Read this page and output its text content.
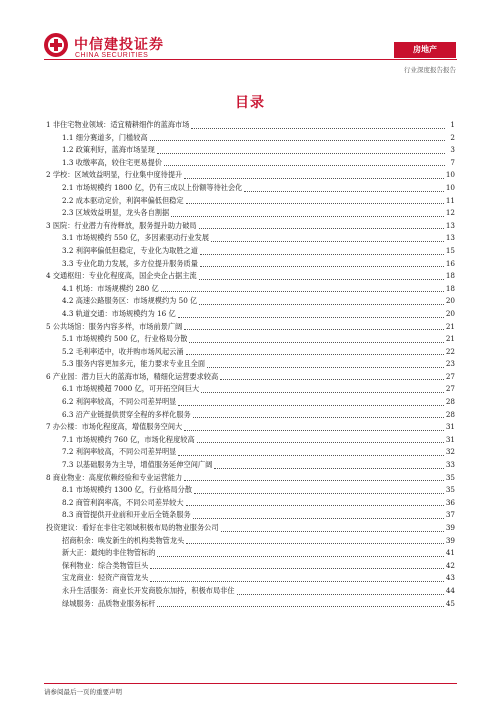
中信建投证券
CHINA SECURITIES
房地产
行业深度报告报告
目录
1 非住宅物业领域：适宜精耕细作的蓝海市场	1
1.1 细分赛道多，门槛较高	2
1.2 政策利好，蓝海市场显现	3
1.3 收缴率高，较住宅更易提价	7
2 学校：区域效益明显，行业集中度待提升	10
2.1 市场规模约 1800 亿，仍有三成以上份额等待社会化	10
2.2 成本驱动定价，利润率偏低但稳定	11
2.3 区域效益明显，龙头各自割据	12
3 医院：行业潜力有待释放，服务提升助力破局	13
3.1 市场规模约 550 亿，多因素驱动行业发展	13
3.2 利润率偏低但稳定，专业化为取胜之道	15
3.3 专业化助力发展，多方位提升服务质量	16
4 交通枢纽：专业化程度高，国企央企占据主流	18
4.1 机场：市场规模约 280 亿	18
4.2 高速公路服务区：市场规模约为 50 亿	20
4.3 轨道交通：市场规模约为 16 亿	20
5 公共场馆：服务内容多样，市场前景广阔	21
5.1 市场规模约 500 亿，行业格局分散	21
5.2 毛利率适中，收并购市场风起云涌	22
5.3 服务内容更加多元，能力要求专业且全面	23
6 产业园：潜力巨大的蓝海市场，精细化运营要求较高	27
6.1 市场规模超 7000 亿，可开拓空间巨大	27
6.2 利润率较高，不同公司差异明显	28
6.3 沿产业链提供贯穿全程的多样化服务	28
7 办公楼：市场化程度高，增值服务空间大	31
7.1 市场规模约 760 亿，市场化程度较高	31
7.2 利润率较高，不同公司差异明显	32
7.3 以基础服务为主导，增值服务延伸空间广阔	33
8 商业物业：高度依赖经验和专业运营能力	35
8.1 市场规模约 1300 亿，行业格局分散	35
8.2 商管利润率高，不同公司差异较大	36
8.3 商管提供开业前和开业后全链条服务	37
投资建议：看好在非住宅领域积极布局的物业服务公司	39
招商积余：唤发新生的机构类物管龙头	39
新大正：最纯的非住物管标的	41
保利物业：综合类物管巨头	42
宝龙商业：轻资产商管龙头	43
永升生活服务：商业长开发商股东加持，积极布局非住	44
绿城服务：品质物业服务标杆	45
请参阅最后一页的重要声明
